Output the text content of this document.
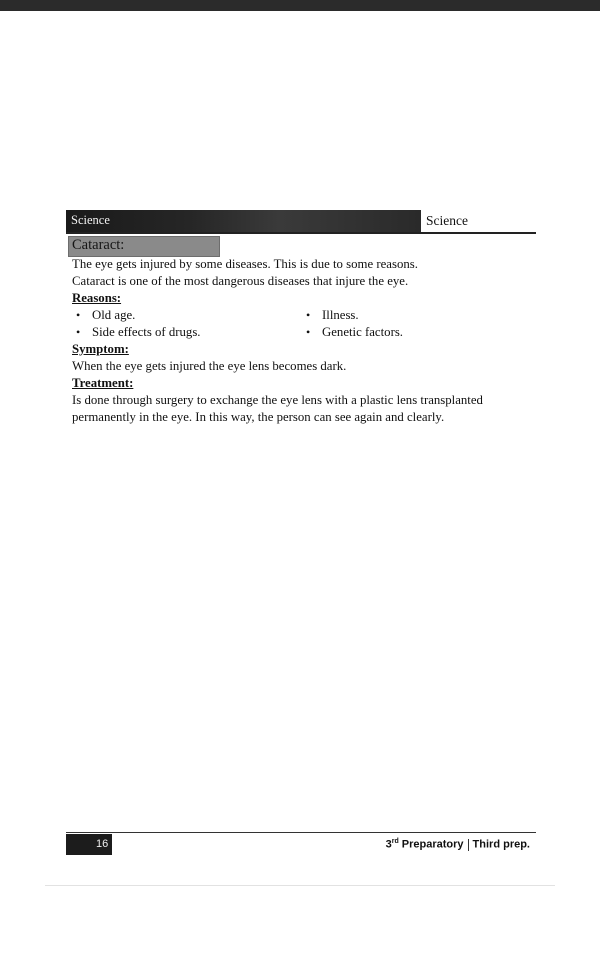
Science	Science
Cataract:
The eye gets injured by some diseases. This is due to some reasons.
Cataract is one of the most dangerous diseases that injure the eye.
Reasons:
• Old age.	• Illness.
• Side effects of drugs.	• Genetic factors.
Symptom:
When the eye gets injured the eye lens becomes dark.
Treatment:
Is done through surgery to exchange the eye lens with a plastic lens transplanted
permanently in the eye. In this way, the person can see again and clearly.
16	3rd Preparatory Third prep.
